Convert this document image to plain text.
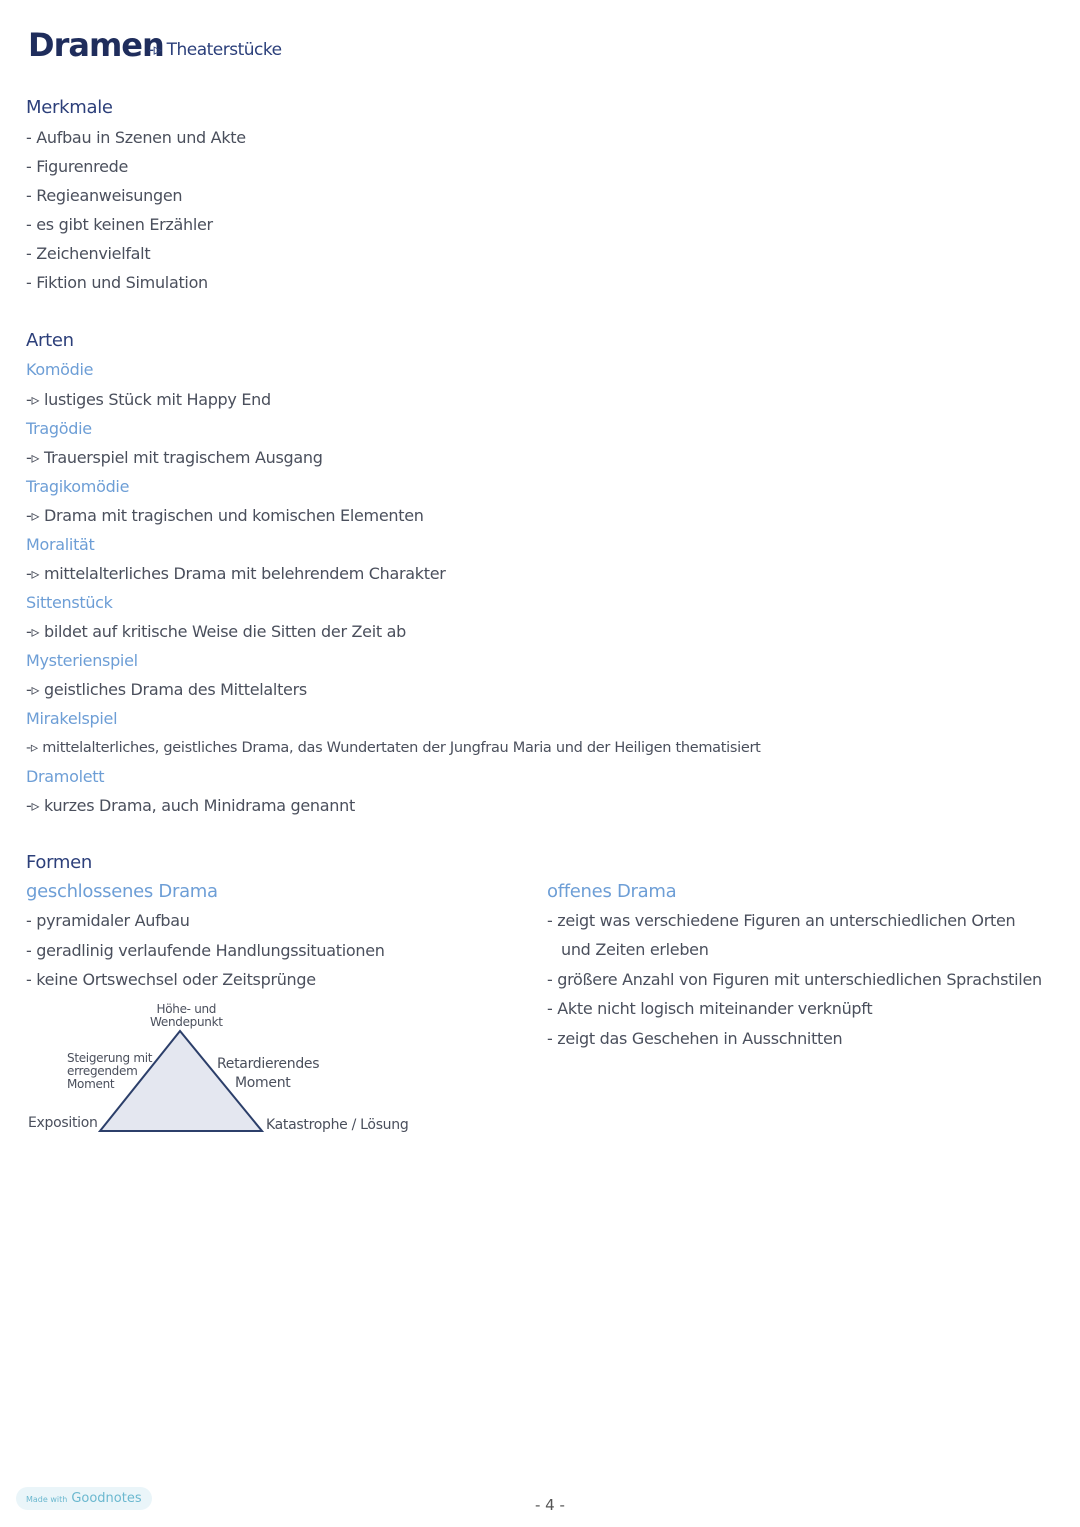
Dramen
-▹ Theaterstücke
Merkmale
- Aufbau in Szenen und Akte
- Figurenrede
- Regieanweisungen
- es gibt keinen Erzähler
- Zeichenvielfalt
- Fiktion und Simulation
Arten
Komödie
-▹ lustiges Stück mit Happy End
Tragödie
-▹ Trauerspiel mit tragischem Ausgang
Tragikomödie
-▹ Drama mit tragischen und komischen Elementen
Moralität
-▹ mittelalterliches Drama mit belehrendem Charakter
Sittenstück
-▹ bildet auf kritische Weise die Sitten der Zeit ab
Mysterienspiel
-▹ geistliches Drama des Mittelalters
Mirakelspiel
-▹ mittelalterliches, geistliches Drama, das Wundertaten der Jungfrau Maria und der Heiligen thematisiert
Dramolett
-▹ kurzes Drama, auch Minidrama genannt
Formen
geschlossenes Drama
- pyramidaler Aufbau
- geradlinig verlaufende Handlungssituationen
- keine Ortswechsel oder Zeitsprünge
offenes Drama
- zeigt was verschiedene Figuren an unterschiedlichen Orten
und Zeiten erleben
- größere Anzahl von Figuren mit unterschiedlichen Sprachstilen
- Akte nicht logisch miteinander verknüpft
- zeigt das Geschehen in Ausschnitten
Höhe- und
Wendepunkt
Steigerung mit
erregendem
Moment
Retardierendes
Moment
Exposition	Katastrophe / Lösung
Made with Goodnotes	- 4 -
